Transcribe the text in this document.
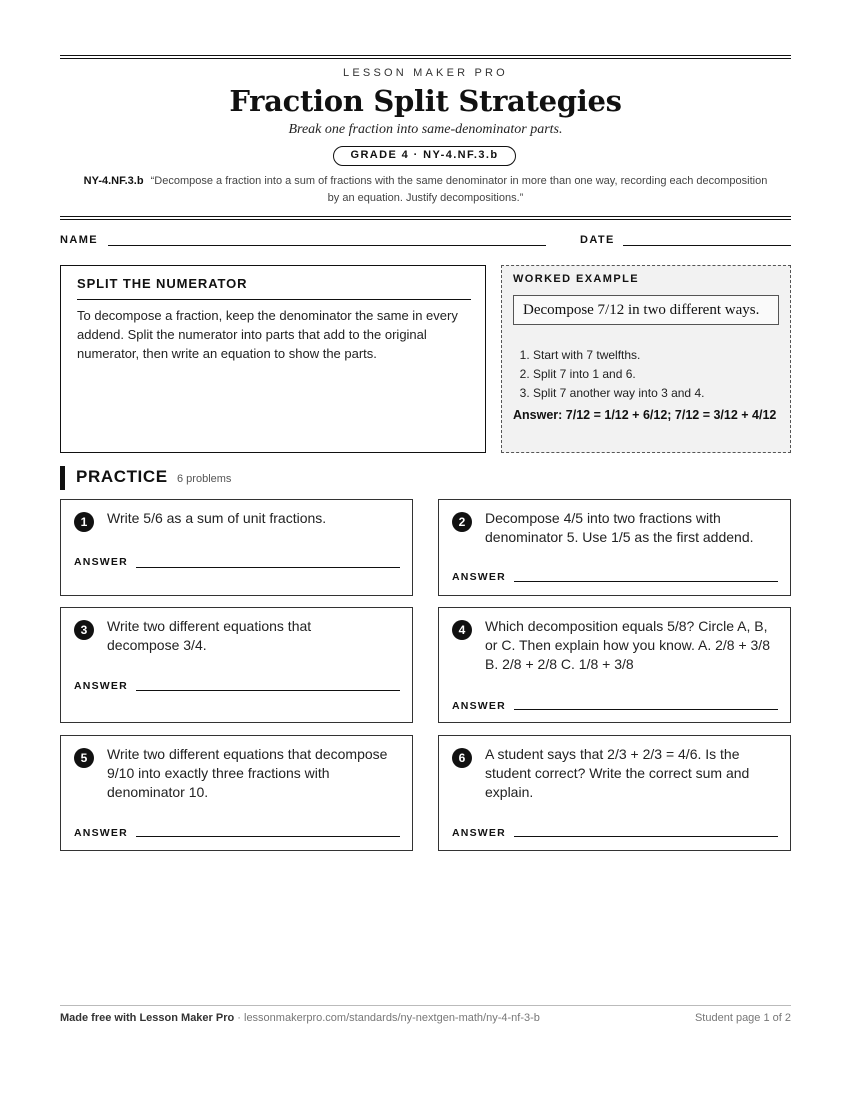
LESSON MAKER PRO
Fraction Split Strategies
Break one fraction into same-denominator parts.
GRADE 4 · NY-4.NF.3.b
NY-4.NF.3.b “Decompose a fraction into a sum of fractions with the same denominator in more than one way, recording each decomposition by an equation. Justify decompositions.”
NAME	DATE
SPLIT THE NUMERATOR

To decompose a fraction, keep the denominator the same in every addend. Split the numerator into parts that add to the original numerator, then write an equation to show the parts.

WORKED EXAMPLE
Decompose 7/12 in two different ways.
1. Start with 7 twelfths.
2. Split 7 into 1 and 6.
3. Split 7 another way into 3 and 4.
Answer: 7/12 = 1/12 + 6/12; 7/12 = 3/12 + 4/12
PRACTICE 6 problems
1	Write 5/6 as a sum of unit fractions.
ANSWER
2	Decompose 4/5 into two fractions with denominator 5. Use 1/5 as the first addend.
ANSWER
3	Write two different equations that decompose 3/4.
ANSWER
4	Which decomposition equals 5/8? Circle A, B, or C. Then explain how you know. A. 2/8 + 3/8 B. 2/8 + 2/8 C. 1/8 + 3/8
ANSWER
5	Write two different equations that decompose 9/10 into exactly three fractions with denominator 10.
ANSWER
6	A student says that 2/3 + 2/3 = 4/6. Is the student correct? Write the correct sum and explain.
ANSWER
Made free with Lesson Maker Pro · lessonmakerpro.com/standards/ny-nextgen-math/ny-4-nf-3-b	Student page 1 of 2
